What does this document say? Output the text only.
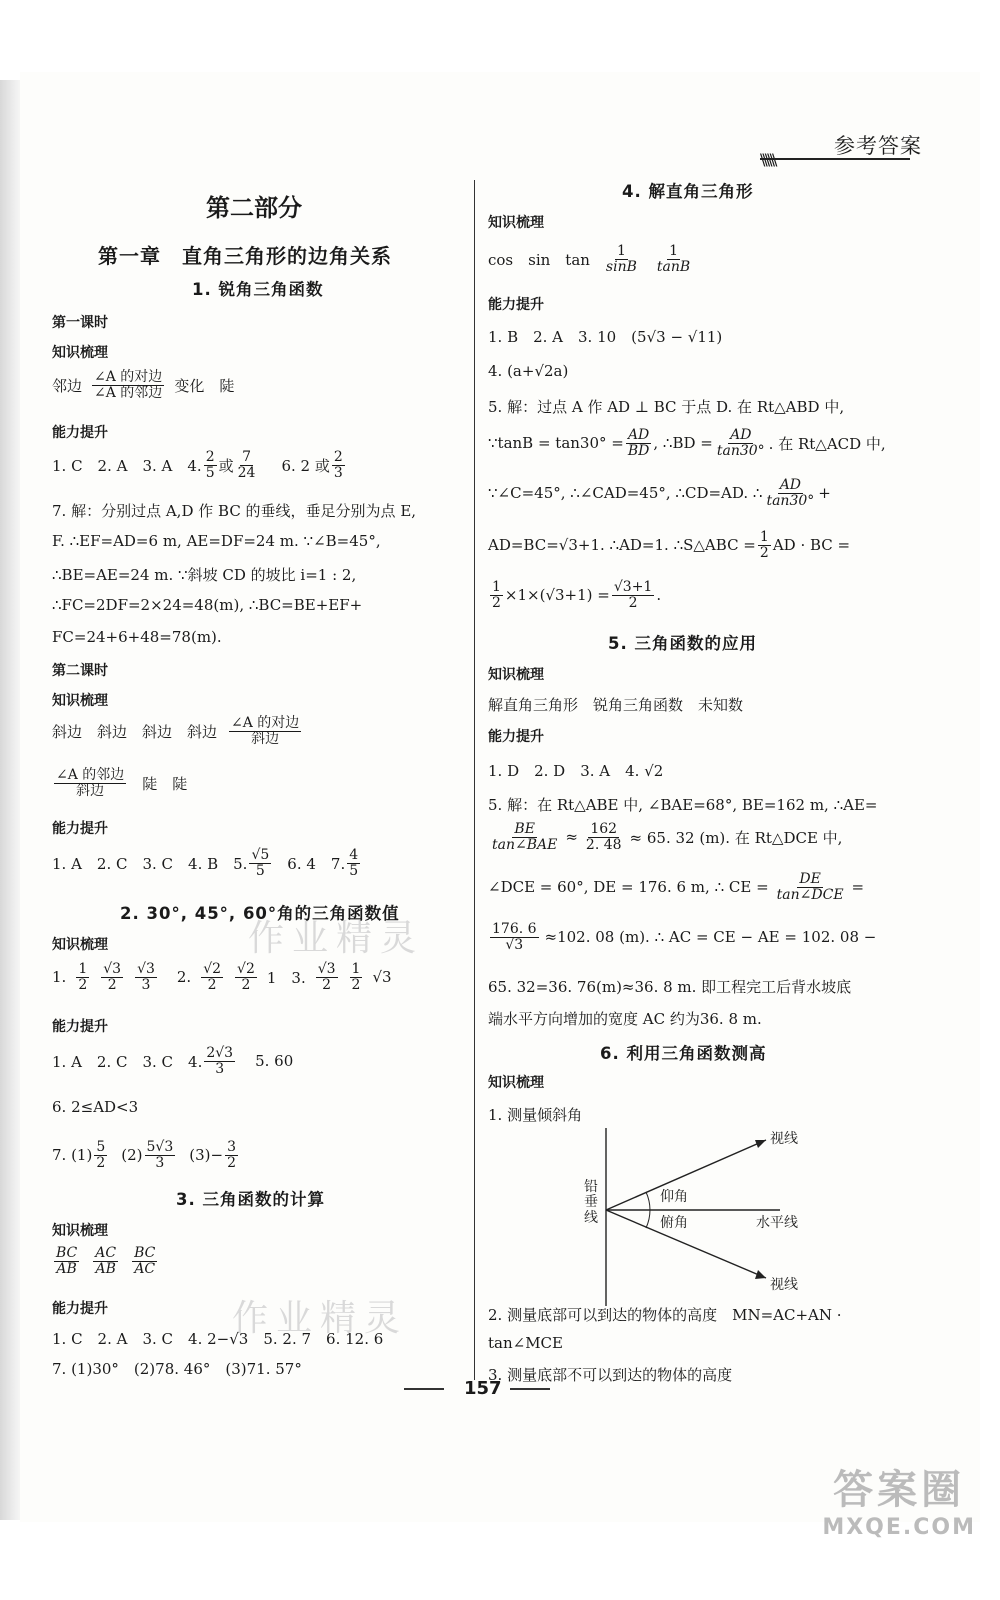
参考答案
作业精灵
作业精灵
第二部分
第一章　直角三角形的边角关系
1. 锐角三角函数
第一课时
知识梳理
邻边 $\frac{\text{∠A 的对边}}{\text{∠A 的邻边}}$ 变化　陡
能力提升
1. C　2. A　3. A　4. $\frac{2}{5}$ 或 $\frac{7}{24} 6$. 2 或 $\frac{2}{3}$
7. 解：分别过点 A,D 作 BC 的垂线，垂足分别为点 E,
F. ∴EF=AD=6 m, AE=DF=24 m. ∵∠B=45°,
∴BE=AE=24 m. ∵斜坡 CD 的坡比 i=1 : 2,
∴FC=2DF=2×24=48(m), ∴BC=BE+EF+
FC=24+6+48=78(m).
第二课时
知识梳理
斜边　斜边　斜边　斜边 $\frac{\text{∠A 的对边}}{\text{斜边}}$
$\frac{\text{∠A 的邻边}}{\text{斜边}}$ 陡　陡
能力提升
1. A　2. C　3. C　4. B　5. $\frac{√5}{5} 6$. 4　7. $\frac{4}{5}$
2. 30°, 45°, 60°角的三角函数值
知识梳理
1. $\frac{1}{2} \frac{√3}{2} \frac{√3}{3} 2$. $\frac{√2}{2} \frac{√2}{2} 1$　3. $\frac{√3}{2} \frac{1}{2} √3$
能力提升
1. A　2. C　3. C　4. $\frac{2√3}{3} 5$. 60
6. 2≤AD<3
7. $(1) \frac{5}{2} (2) \frac{5√3}{3} (3)- \frac{3}{2}$
3. 三角函数的计算
知识梳理
$\frac{BC}{AB} \frac{AC}{AB} \frac{BC}{AC}$
能力提升
1. C　2. A　3. C　4. 2−√3　5. 2. 7　6. 12. 6
7. (1)30°　(2)78. 46°　(3)71. 57°
4. 解直角三角形
知识梳理
cos　sin　$\tan \frac{1}{\sin B} \frac{1}{\tan B}$
能力提升
1. B　2. A　3. 10　(5√3 − √11)
4. (a+√2a)
5. 解：过点 A 作 AD ⊥ BC 于点 D. 在 Rt△ABD 中,
∵tanB = $\tan 30^\circ = \frac{AD}{BD}$ , ∴BD = $\frac{AD}{\tan 30^\circ}$ . 在 Rt△ACD 中,
∵∠C=45°, ∴∠CAD=45°, ∴CD=AD. ∴ $\frac{AD}{\tan 30^\circ}$ +
AD=BC=√3+1. ∴AD=1. ∴S△ABC = $\frac{1}{2}$ AD · BC =
$\frac{1}{2} \times 1\times(√3+1) = \frac{√3+1}{2}$ .
5. 三角函数的应用
知识梳理
解直角三角形　锐角三角函数　未知数
能力提升
1. D　2. D　3. A　4. √2
5. 解：在 Rt△ABE 中, ∠BAE=68°, BE=162 m, ∴AE=
$\frac{BE}{\text{tan∠BAE}} \approx \frac{162}{2. 48} \approx 65$. 32 (m). 在 Rt△DCE 中,
∠DCE = 60°, DE = 176. 6 m, ∴ CE = $\frac{DE}{\text{tan∠DCE}}$ =
$\frac{176. 6}{√3} \approx 102$. 08 (m). ∴ AC = CE − AE = 102. 08 −
65. 32=36. 76(m)≈36. 8 m. 即工程完工后背水坡底
端水平方向增加的宽度 AC 约为36. 8 m.
6. 利用三角函数测高
知识梳理
1. 测量倾斜角
铅垂线
视线
仰角
俯角	水平线
视线
2. 测量底部可以到达的物体的高度　MN=AC+AN ·
tan∠MCE
3. 测量底部不可以到达的物体的高度
157
答案圈
MXQE.COM
